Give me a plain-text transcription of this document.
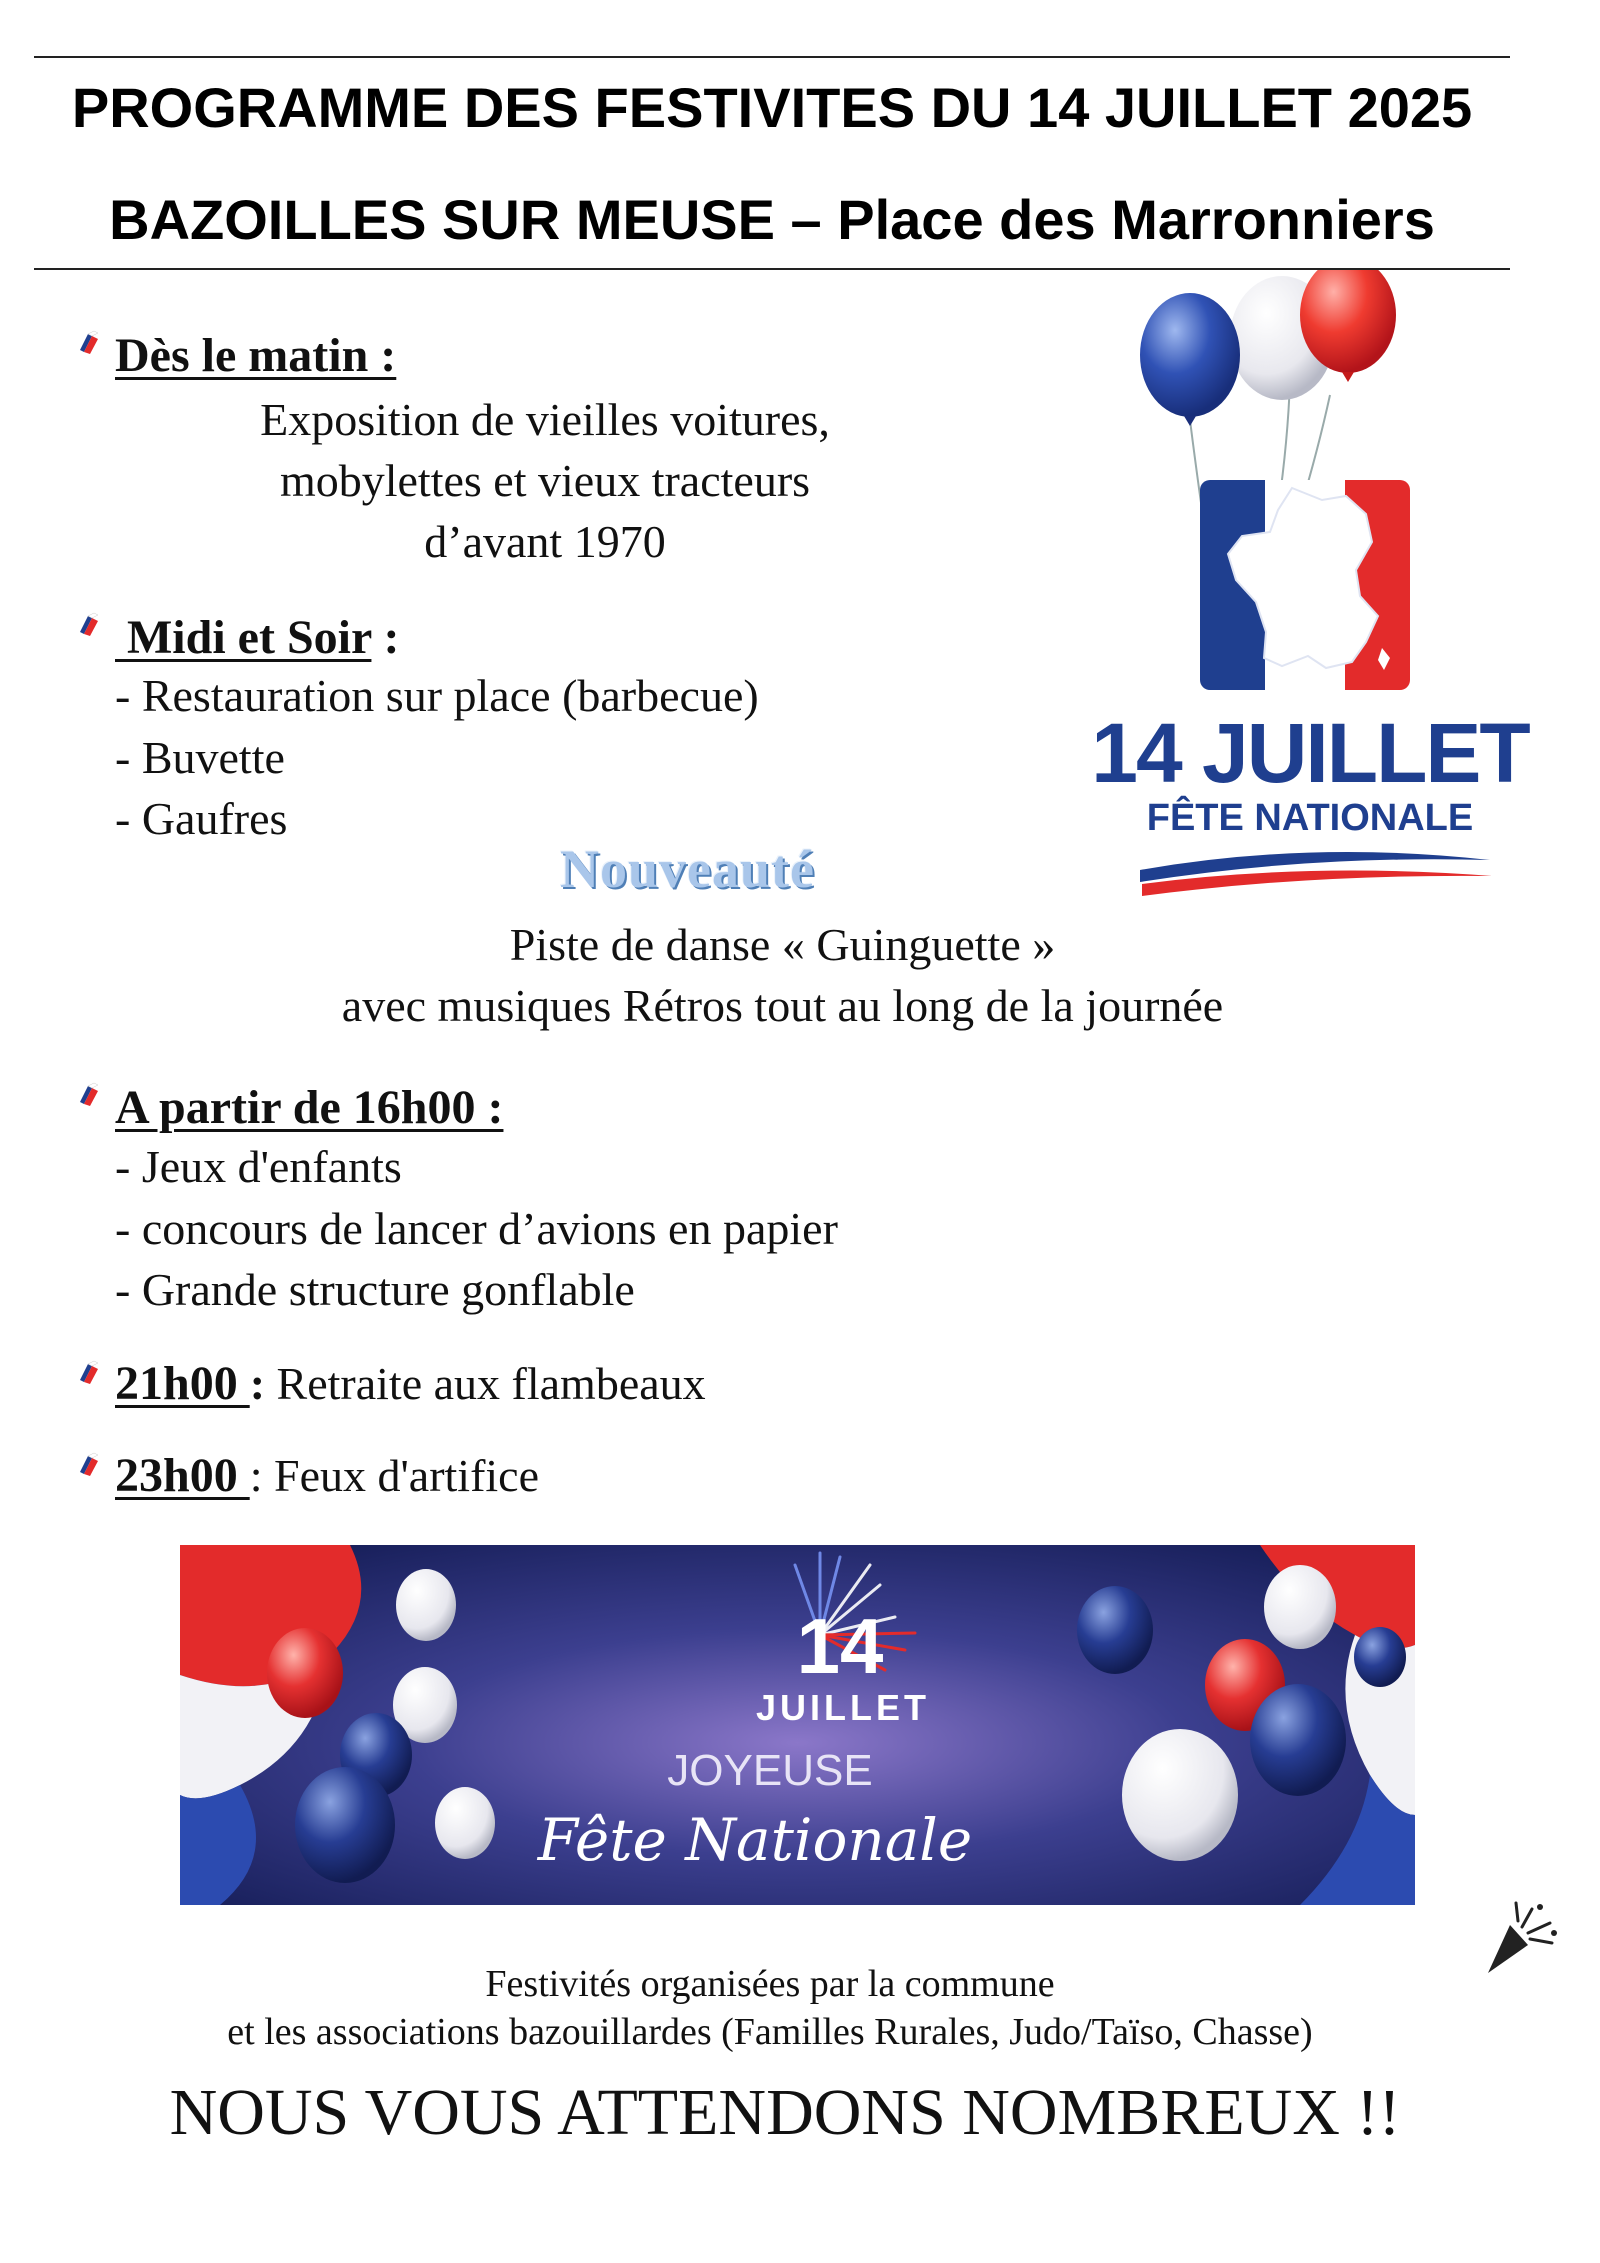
PROGRAMME DES FESTIVITES DU 14 JUILLET 2025
BAZOILLES SUR MEUSE – Place des Marronniers
Dès le matin :
Exposition de vieilles voitures,
mobylettes et vieux tracteurs
d’avant 1970
Midi et Soir :
- Restauration sur place (barbecue)
- Buvette
- Gaufres
Nouveauté
Piste de danse « Guinguette »
avec musiques Rétros tout au long de la journée
A partir de 16h00 :
- Jeux d'enfants
- concours de lancer d’avions en papier
- Grande structure gonflable
21h00 : Retraite aux flambeaux
23h00 : Feux d'artifice
14 JUILLET
FÊTE NATIONALE
14
JUILLET
JOYEUSE
Fête Nationale
Festivités organisées par la commune
et les associations bazouillardes (Familles Rurales, Judo/Taïso, Chasse)
NOUS VOUS ATTENDONS NOMBREUX !!
